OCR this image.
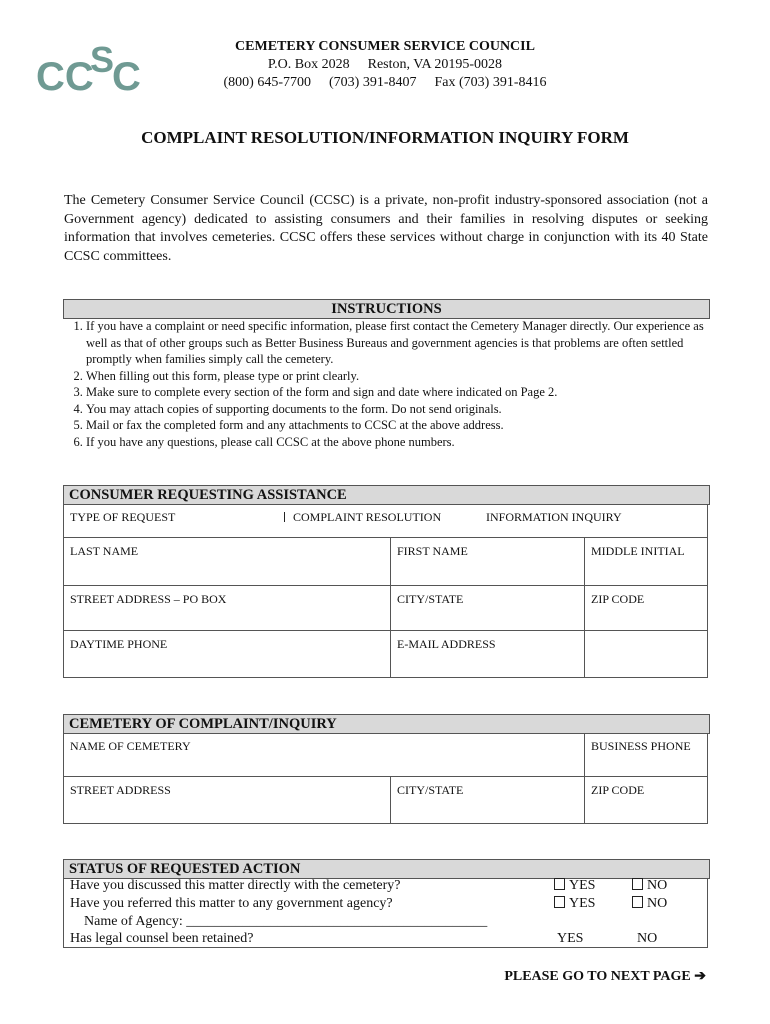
CC
S
C
CEMETERY CONSUMER SERVICE COUNCIL
P.O. Box 2028 Reston, VA 20195-0028
(800) 645-7700 (703) 391-8407 Fax (703) 391-8416
COMPLAINT RESOLUTION/INFORMATION INQUIRY FORM
The Cemetery Consumer Service Council (CCSC) is a private, non-profit industry-sponsored association (not a Government agency) dedicated to assisting consumers and their families in resolving disputes or seeking information that involves cemeteries. CCSC offers these services without charge in conjunction with its 40 State CCSC committees.
INSTRUCTIONS
1. If you have a complaint or need specific information, please first contact the Cemetery Manager directly. Our experience as well as that of other groups such as Better Business Bureaus and government agencies is that problems are often settled promptly when families simply call the cemetery.
2. When filling out this form, please type or print clearly.
3. Make sure to complete every section of the form and sign and date where indicated on Page 2.
4. You may attach copies of supporting documents to the form. Do not send originals.
5. Mail or fax the completed form and any attachments to CCSC at the above address.
6. If you have any questions, please call CCSC at the above phone numbers.
CONSUMER REQUESTING ASSISTANCE
TYPE OF REQUEST	COMPLAINT RESOLUTION	INFORMATION INQUIRY
LAST NAME	FIRST NAME	MIDDLE INITIAL
STREET ADDRESS – PO BOX	CITY/STATE	ZIP CODE
DAYTIME PHONE	E-MAIL ADDRESS
CEMETERY OF COMPLAINT/INQUIRY
NAME OF CEMETERY	BUSINESS PHONE
STREET ADDRESS	CITY/STATE	ZIP CODE
STATUS OF REQUESTED ACTION
Have you discussed this matter directly with the cemetery?	YES	NO
Have you referred this matter to any government agency?	YES	NO
Name of Agency: ___________________________________________
Has legal counsel been retained?	YES	NO
PLEASE GO TO NEXT PAGE ➔
